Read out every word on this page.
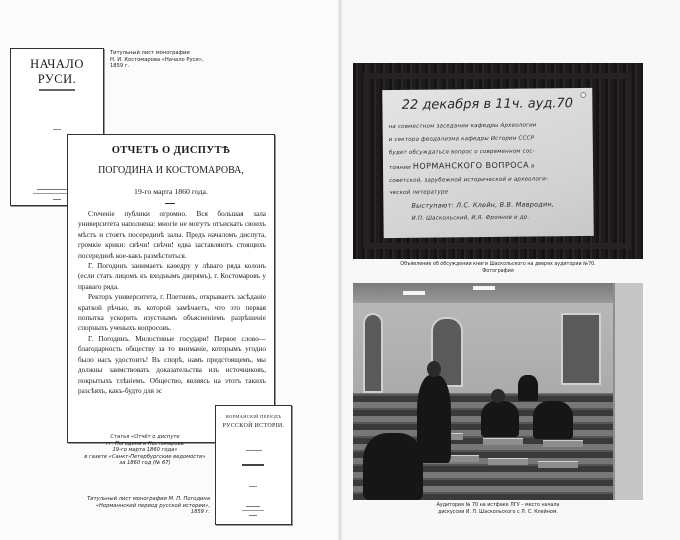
НАЧАЛО РУСИ.
Титульный лист монографии
Н. И. Костомарова «Начало Руси»,
1859 г.
ОТЧЕТЪ О ДИСПУТѢ
ПОГОДИНА И КОСТОМАРОВА,
19-го марта 1860 года.

Стеченіе публики огромно. Вся большая зала университета наполнена: многіе не могутъ отъискать своихъ мѣстъ и стоятъ посерединѣ залы. Предъ началомъ диспута, громкіе крики: свѣчи! свѣчи! едва заставляютъ стоящихъ посерединѣ кое-какъ размѣститься.

Г. Погодинъ занимаетъ каѳедру у лѣваго ряда колонъ (если стать лицомъ къ входнымъ дверямъ), г. Костомаровъ у праваго ряда.

Ректоръ университета, г. Плетневъ, открываетъ засѣданіе краткой рѣчью, въ которой замѣчаетъ, что это первая попытка ускорить изустнымъ объясненіемъ разрѣшеніе спорныхъ ученыхъ вопросовъ.

Г. Погодинъ. Милостивые государи! Первое слово—благодарность обществу за то вниманіе, которымъ угодно было насъ удостоить! Въ спорѣ, намъ предстоящемъ, мы должны заимствовать доказательства изъ источниковъ, покрытыхъ тлѣніемъ. Общество, являясь на этотъ такихъ разсѣяхъ, какъ-будто для эс

Статья «Отчёт о диспуте
гг. Погодина и Костомарова
19-го марта 1860 года»
в газете «Санкт-Петербургские ведомости»
за 1860 год (№ 67)
НОРМАНСКІЙ ПЕРІОДЪ
РУССКОЙ ИСТОРІИ.
Титульный лист монографии М. П. Погодина
«Норманнский период русской истории»,
1859 г.
22 декабря в 11ч. ауд.70
на совместном заседании кафедры Археологии
и сектора феодализма кафедры Истории СССР
будет обсуждаться вопрос о современном сос-
тоянии НОРМАНСКОГО ВОПРОСА в
советской, зарубежной исторической и археологи-
ческой литературе
Выступают: Л.С. Клейн, В.В. Мавродин,
И.П. Шаскольский, И.Я. Фроянов и др.
Объявление об обсуждении книги Шаскольского на дверях аудитории №70.
Фотография
Аудитория № 70 на истфаке ЛГУ – место начала
дискуссии И. П. Шаскольского с Л. С. Клейном.
